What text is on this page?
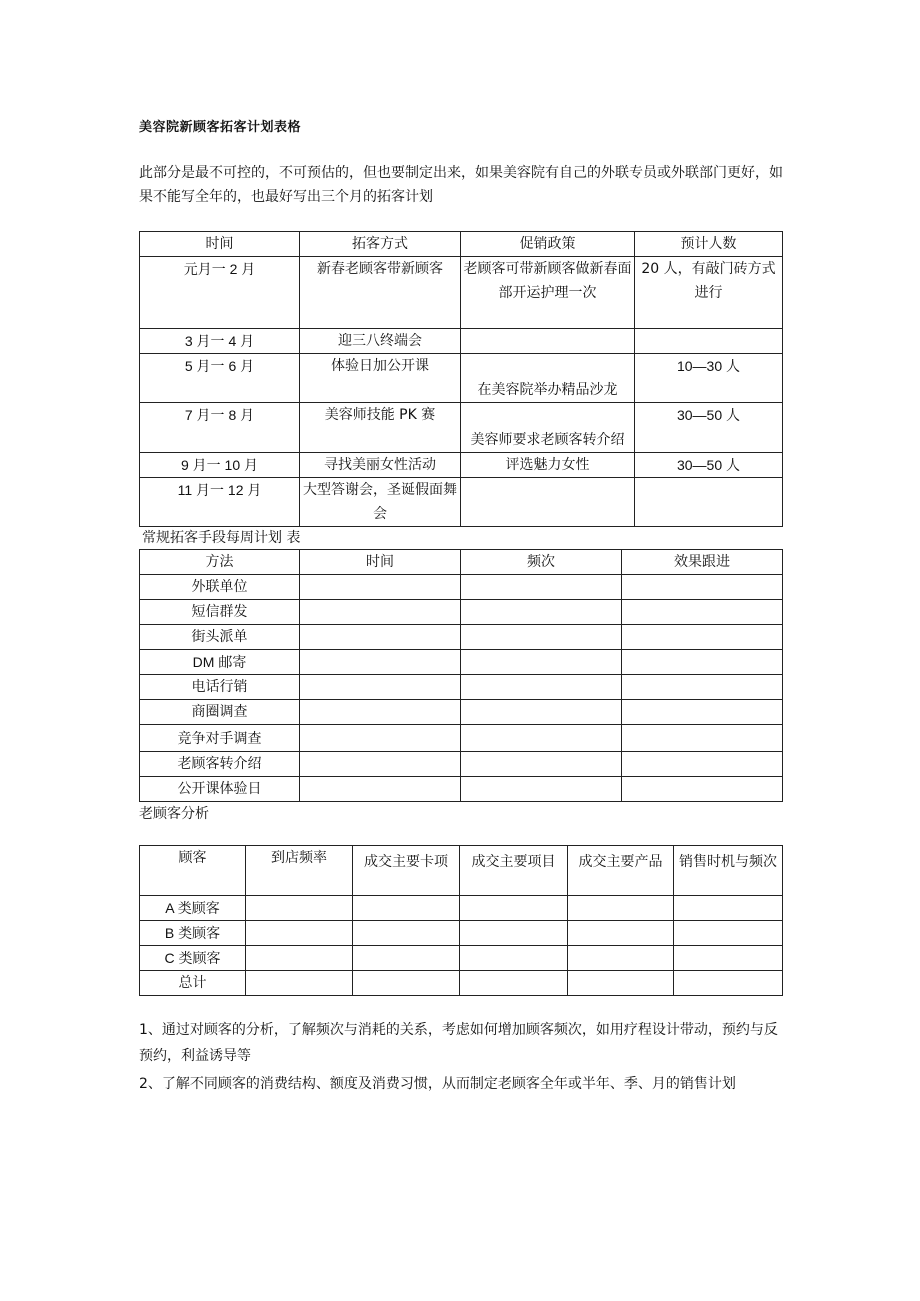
美容院新顾客拓客计划表格
此部分是最不可控的，不可预估的，但也要制定出来，如果美容院有自己的外联专员或外联部门更好，如果不能写全年的，也最好写出三个月的拓客计划
时间	拓客方式	促销政策	预计人数
元月一 2 月	新春老顾客带新顾客	老顾客可带新顾客做新春面部开运护理一次	20 人，有敲门砖方式进行
3 月一 4 月	迎三八终端会		
5 月一 6 月	体验日加公开课	在美容院举办精品沙龙	10—30 人
7 月一 8 月	美容师技能 PK 赛	美容师要求老顾客转介绍	30—50 人
9 月一 10 月	寻找美丽女性活动	评选魅力女性	30—50 人
11 月一 12 月	大型答谢会，圣诞假面舞会		
常规拓客手段每周计划 表
方法	时间	频次	效果跟进
外联单位			
短信群发			
街头派单			
DM 邮寄			
电话行销			
商圈调查			
竞争对手调查			
老顾客转介绍			
公开课体验日			
老顾客分析
顾客	到店频率	成交主要卡项	成交主要项目	成交主要产品	销售时机与频次
A 类顾客					
B 类顾客					
C 类顾客					
总计					

1、通过对顾客的分析，了解频次与消耗的关系，考虑如何增加顾客频次，如用疗程设计带动，预约与反预约，利益诱导等

2、了解不同顾客的消费结构、额度及消费习惯，从而制定老顾客全年或半年、季、月的销售计划
